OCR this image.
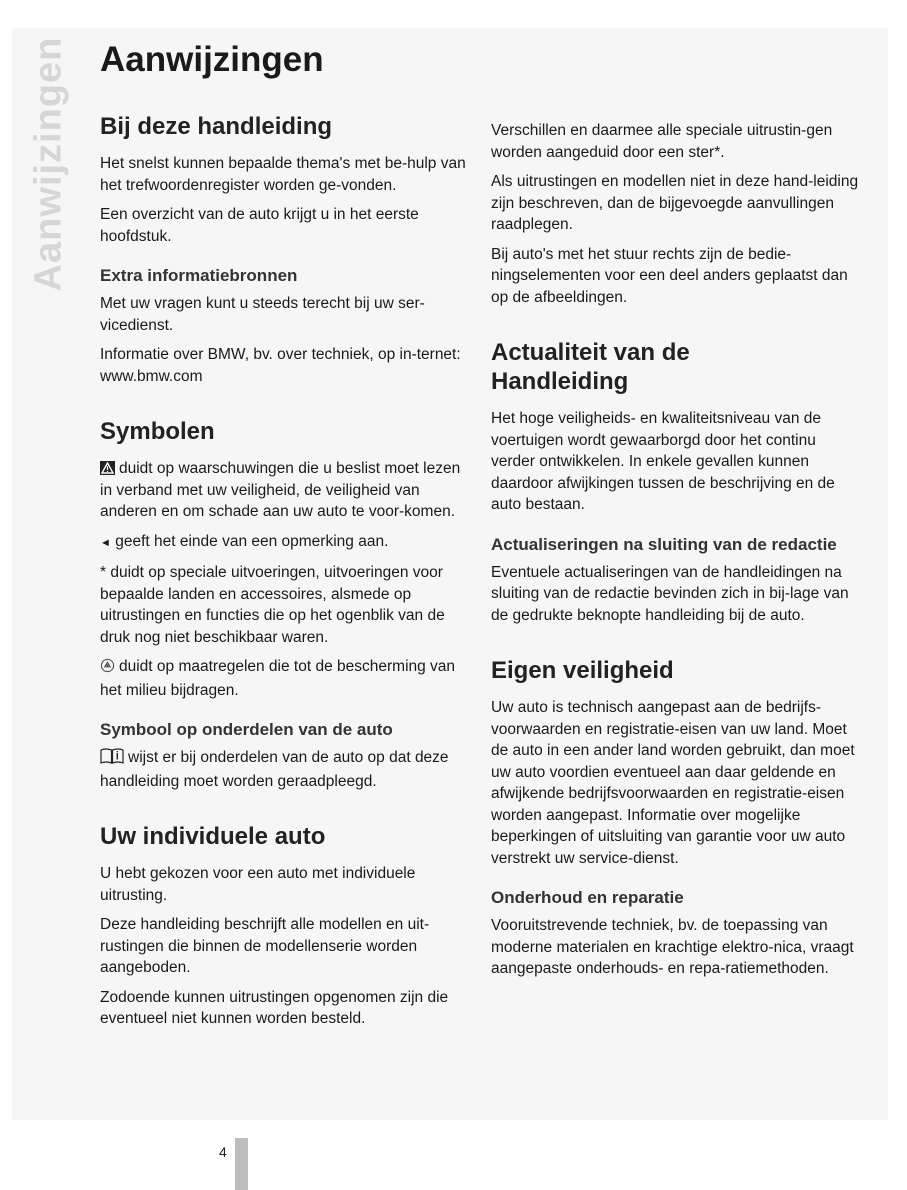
Aanwijzingen Aanwijzingen
Bij deze handleiding

Het snelst kunnen bepaalde thema's met be-hulp van het trefwoordenregister worden ge-vonden.

Een overzicht van de auto krijgt u in het eerste hoofdstuk.

Extra informatiebronnen

Met uw vragen kunt u steeds terecht bij uw ser-vicedienst.

Informatie over BMW, bv. over techniek, op in-ternet: www.bmw.com

Symbolen

duidt op waarschuwingen die u beslist moet lezen in verband met uw veiligheid, de veiligheid van anderen en om schade aan uw auto te voor-komen.

◄ geeft het einde van een opmerking aan.

* duidt op speciale uitvoeringen, uitvoeringen voor bepaalde landen en accessoires, alsmede op uitrustingen en functies die op het ogenblik van de druk nog niet beschikbaar waren.

duidt op maatregelen die tot de bescherming van het milieu bijdragen.

Symbool op onderdelen van de auto

wijst er bij onderdelen van de auto op dat deze handleiding moet worden geraadpleegd.

Uw individuele auto

U hebt gekozen voor een auto met individuele uitrusting.

Deze handleiding beschrijft alle modellen en uit-rustingen die binnen de modellenserie worden aangeboden.

Zodoende kunnen uitrustingen opgenomen zijn die eventueel niet kunnen worden besteld.

Verschillen en daarmee alle speciale uitrustin-gen worden aangeduid door een ster*.

Als uitrustingen en modellen niet in deze hand-leiding zijn beschreven, dan de bijgevoegde aanvullingen raadplegen.

Bij auto's met het stuur rechts zijn de bedie-ningselementen voor een deel anders geplaatst dan op de afbeeldingen.

Actualiteit van de
Handleiding

Het hoge veiligheids- en kwaliteitsniveau van de voertuigen wordt gewaarborgd door het continu verder ontwikkelen. In enkele gevallen kunnen daardoor afwijkingen tussen de beschrijving en de auto bestaan.

Actualiseringen na sluiting van de redactie

Eventuele actualiseringen van de handleidingen na sluiting van de redactie bevinden zich in bij-lage van de gedrukte beknopte handleiding bij de auto.

Eigen veiligheid

Uw auto is technisch aangepast aan de bedrijfs-voorwaarden en registratie-eisen van uw land. Moet de auto in een ander land worden gebruikt, dan moet uw auto voordien eventueel aan daar geldende en afwijkende bedrijfsvoorwaarden en registratie-eisen worden aangepast. Informatie over mogelijke beperkingen of uitsluiting van garantie voor uw auto verstrekt uw service-dienst.

Onderhoud en reparatie

Vooruitstrevende techniek, bv. de toepassing van moderne materialen en krachtige elektro-nica, vraagt aangepaste onderhouds- en repa-ratiemethoden.

4
